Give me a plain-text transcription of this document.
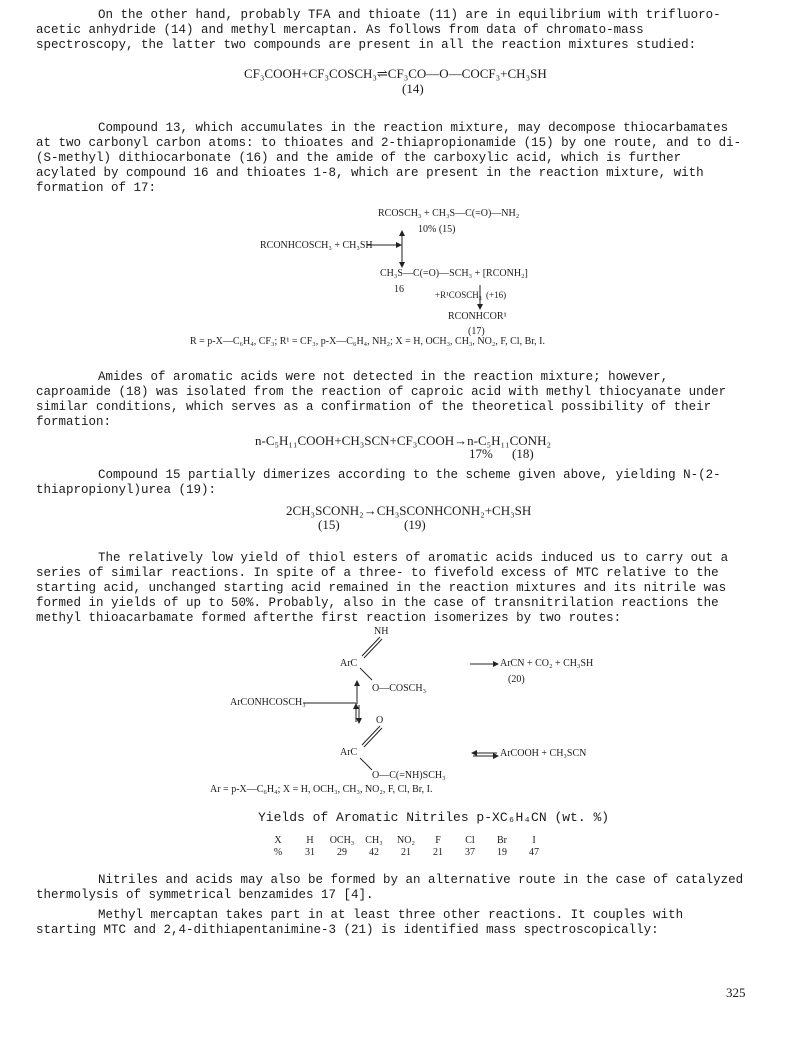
On the other hand, probably TFA and thioate (11) are in equilibrium with trifluoro-acetic anhydride (14) and methyl mercaptan. As follows from data of chromato-mass spectroscopy, the latter two compounds are present in all the reaction mixtures studied:

CF₃COOH+CF₃COSCH₃⇌CF₃CO—O—COCF₃+CH₃SH
(14)

Compound 13, which accumulates in the reaction mixture, may decompose thiocarbamates at two carbonyl carbon atoms: to thioates and 2-thiapropionamide (15) by one route, and to di-(S-methyl) dithiocarbonate (16) and the amide of the carboxylic acid, which is further acylated by compound 16 and thioates 1-8, which are present in the reaction mixture, with formation of 17:

RCOSCH₃ + CH₃S—C(=O)—NH₂
10% (15)
RCONHCOSCH₃ + CH₃SH
CH₃S—C(=O)—SCH₃ + [RCONH₂]
16	+R¹COSCH₃ (+16)
RCONHCOR¹
(17)
R = p-X—C₆H₄, CF₃; R¹ = CF₃, p-X—C₆H₄, NH₂; X = H, OCH₃, CH₃, NO₂, F, Cl, Br, I.

Amides of aromatic acids were not detected in the reaction mixture; however, caproamide (18) was isolated from the reaction of caproic acid with methyl thiocyanate under similar conditions, which serves as a confirmation of the theoretical possibility of their formation:

n-C₅H₁₁COOH+CH₃SCN+CF₃COOH→n-C₅H₁₁CONH₂
17% (18)

Compound 15 partially dimerizes according to the scheme given above, yielding N-(2-thiapropionyl)urea (19):

2CH₃SCONH₂→CH₃SCONHCONH₂+CH₃SH
(15)	(19)

The relatively low yield of thiol esters of aromatic acids induced us to carry out a series of similar reactions. In spite of a three- to fivefold excess of MTC relative to the starting acid, unchanged starting acid remained in the reaction mixtures and its nitrile was formed in yields of up to 50%. Probably, also in the case of transnitrilation reactions the methyl thioacarbamate formed afterthe first reaction isomerizes by two routes:

NH
ArC	ArCN + CO₂ + CH₃SH
(20)
O—COSCH₃
ArCONHCOSCH₃
O
ArC	ArCOOH + CH₃SCN
O—C(=NH)SCH₃
Ar = p-X—C₆H₄; X = H, OCH₃, CH₃, NO₂, F, Cl, Br, I.
Yields of Aromatic Nitriles p-XC₆H₄CN (wt. %)
X	H	OCH₃	CH₃	NO₂	F	Cl	Br	I
%	31	29	42	21	21	37	19	47

Nitriles and acids may also be formed by an alternative route in the case of catalyzed thermolysis of symmetrical benzamides 17 [4].

Methyl mercaptan takes part in at least three other reactions. It couples with starting MTC and 2,4-dithiapentanimine-3 (21) is identified mass spectroscopically:

325
